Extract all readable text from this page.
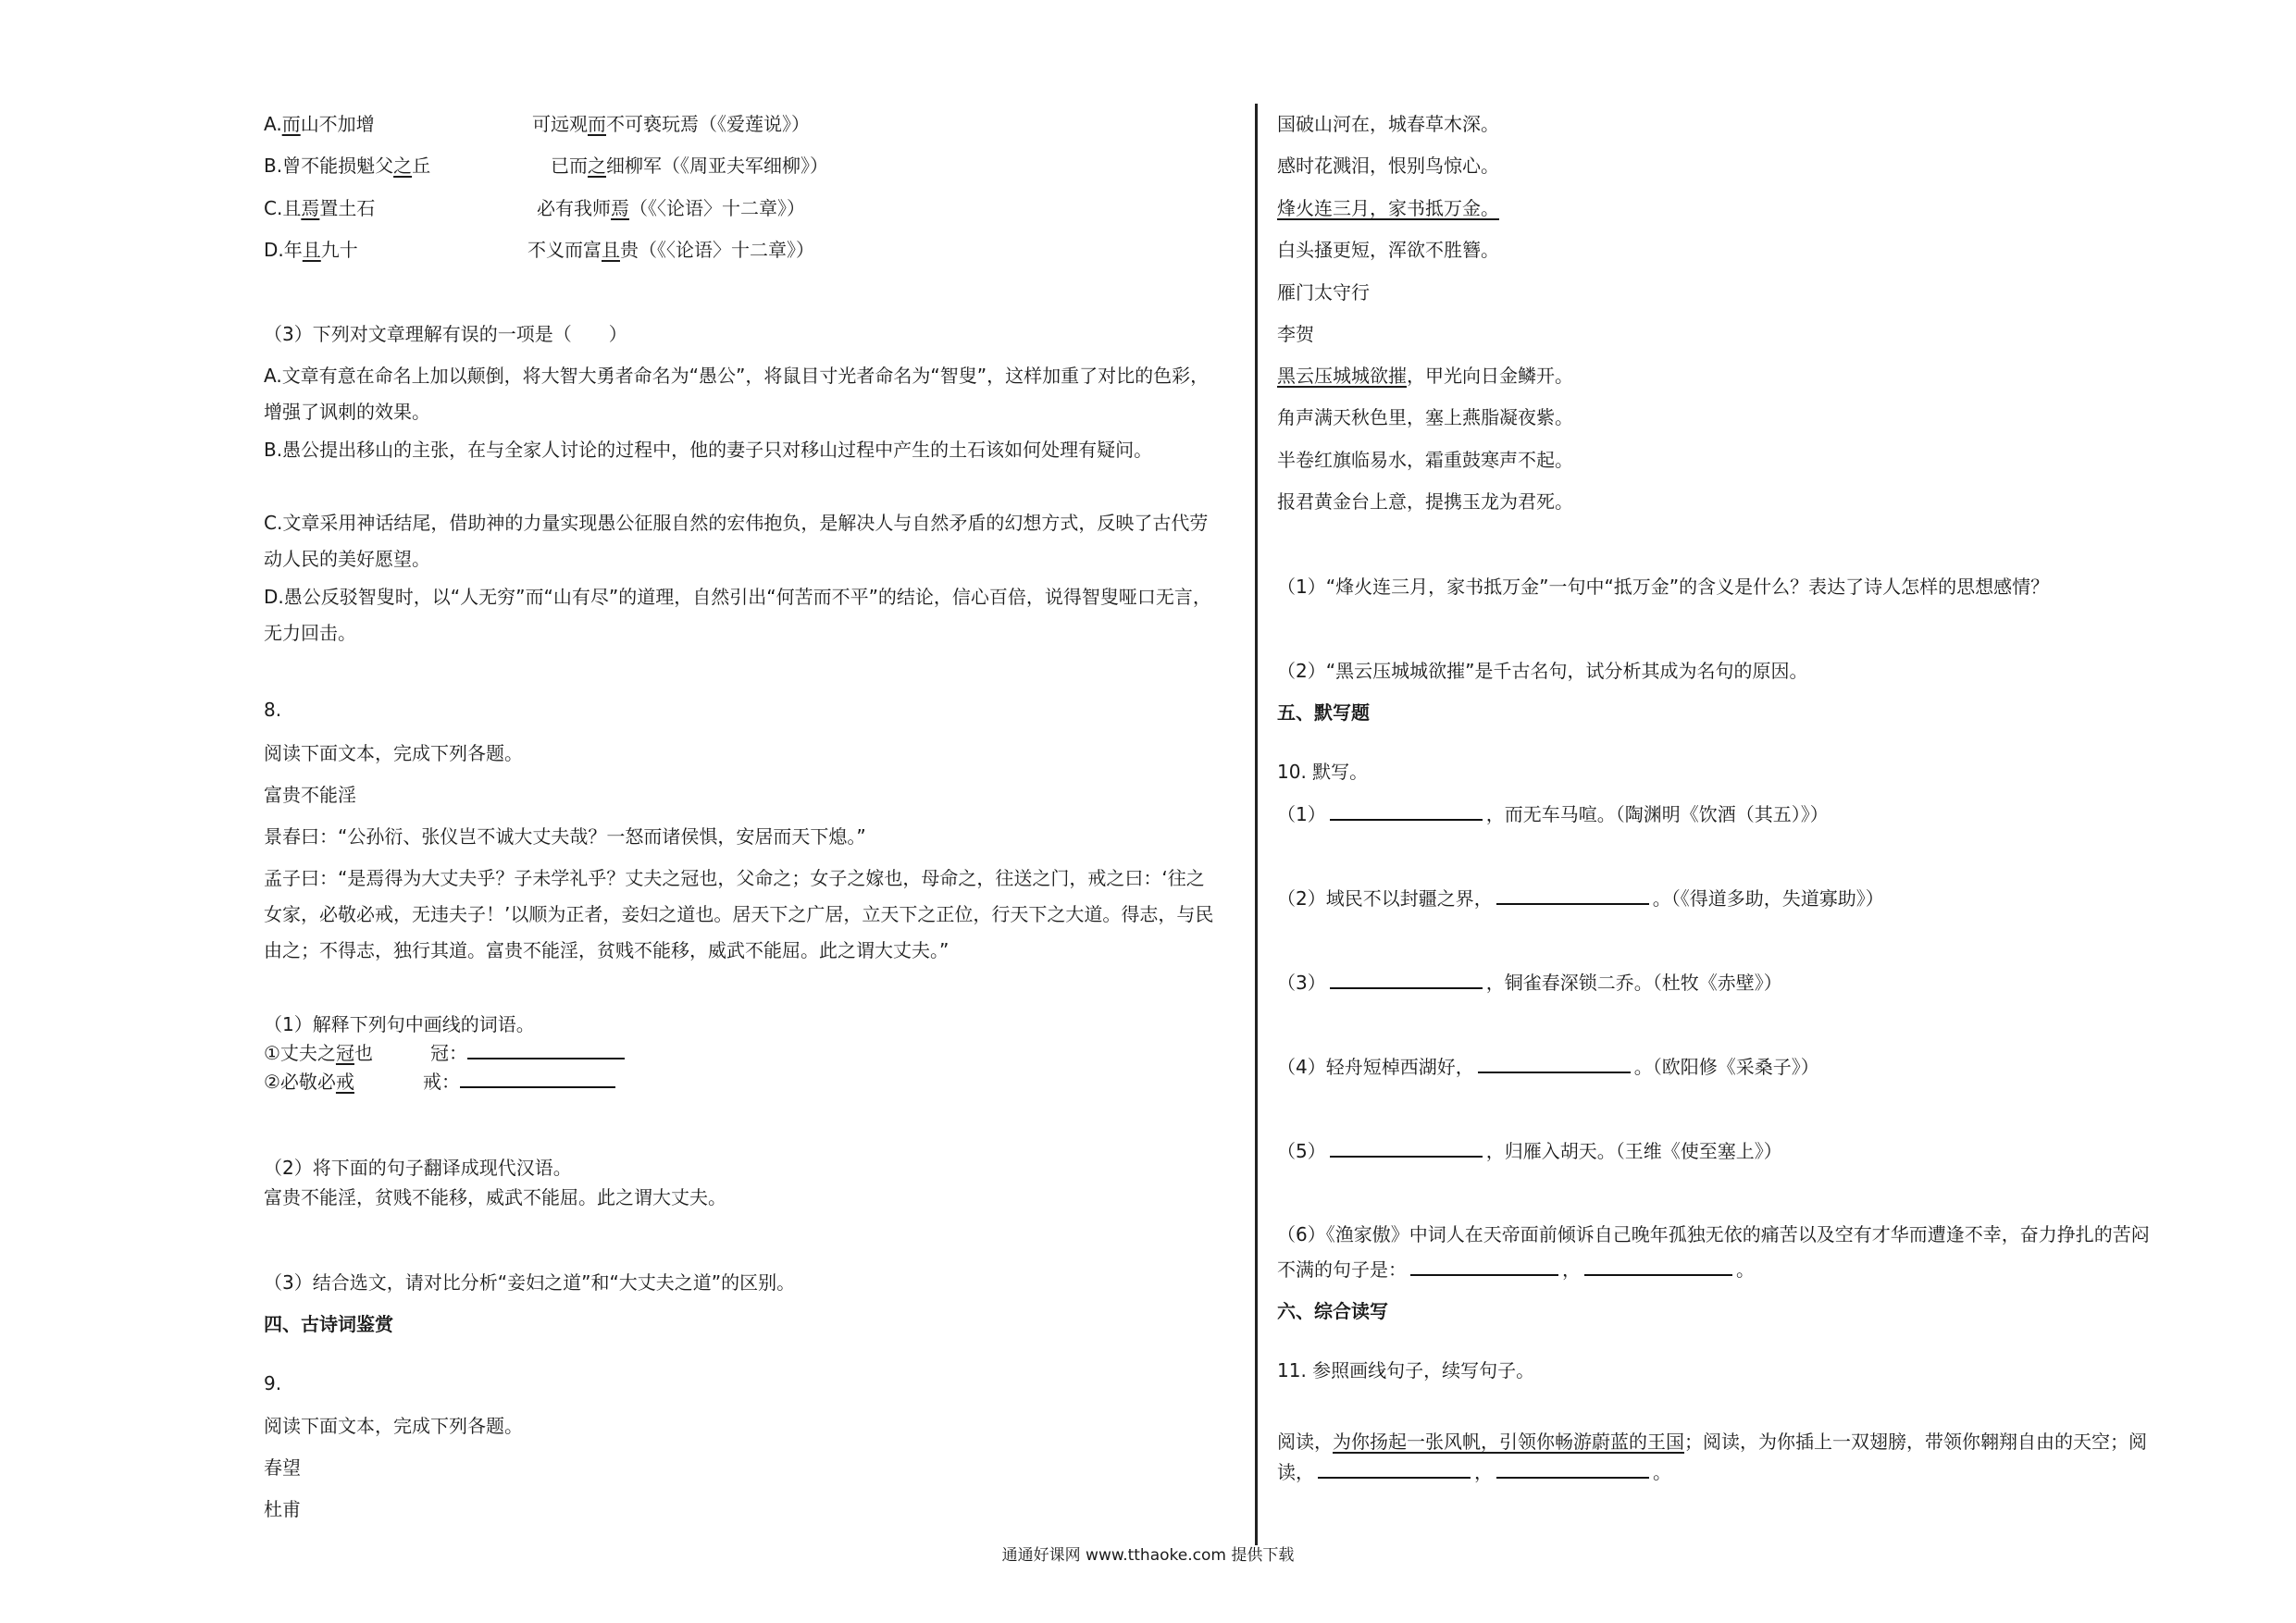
A.而山不加增	可远观而不可亵玩焉（《爱莲说》）
B.曾不能损魁父之丘	已而之细柳军（《周亚夫军细柳》）
C.且焉置土石	必有我师焉（《〈论语〉十二章》）
D.年且九十	不义而富且贵（《〈论语〉十二章》）
（3）下列对文章理解有误的一项是（　　）
A.文章有意在命名上加以颠倒，将大智大勇者命名为“愚公”，将鼠目寸光者命名为“智叟”，这样加重了对比的色彩，增强了讽刺的效果。
B.愚公提出移山的主张，在与全家人讨论的过程中，他的妻子只对移山过程中产生的土石该如何处理有疑问。
C.文章采用神话结尾，借助神的力量实现愚公征服自然的宏伟抱负，是解决人与自然矛盾的幻想方式，反映了古代劳动人民的美好愿望。
D.愚公反驳智叟时，以“人无穷”而“山有尽”的道理，自然引出“何苦而不平”的结论，信心百倍，说得智叟哑口无言，无力回击。
8.
阅读下面文本，完成下列各题。
富贵不能淫
景春曰：“公孙衍、张仪岂不诚大丈夫哉？一怒而诸侯惧，安居而天下熄。”
孟子曰：“是焉得为大丈夫乎？子未学礼乎？丈夫之冠也，父命之；女子之嫁也，母命之，往送之门，戒之曰：‘往之女家，必敬必戒，无违夫子！’以顺为正者，妾妇之道也。居天下之广居，立天下之正位，行天下之大道。得志，与民由之；不得志，独行其道。富贵不能淫，贫贱不能移，威武不能屈。此之谓大丈夫。”
（1）解释下列句中画线的词语。
①丈夫之冠也	冠：
②必敬必戒	戒：
（2）将下面的句子翻译成现代汉语。
富贵不能淫，贫贱不能移，威武不能屈。此之谓大丈夫。
（3）结合选文，请对比分析“妾妇之道”和“大丈夫之道”的区别。
四、古诗词鉴赏
9.
阅读下面文本，完成下列各题。
春望
杜甫
国破山河在，城春草木深。
感时花溅泪，恨别鸟惊心。
烽火连三月，家书抵万金。
白头搔更短，浑欲不胜簪。
雁门太守行
李贺
黑云压城城欲摧，甲光向日金鳞开。
角声满天秋色里，塞上燕脂凝夜紫。
半卷红旗临易水，霜重鼓寒声不起。
报君黄金台上意，提携玉龙为君死。
（1）“烽火连三月，家书抵万金”一句中“抵万金”的含义是什么？表达了诗人怎样的思想感情？
（2）“黑云压城城欲摧”是千古名句，试分析其成为名句的原因。
五、默写题
10. 默写。
（1）	，而无车马喧。（陶渊明《饮酒（其五）》）
（2）域民不以封疆之界，	。（《得道多助，失道寡助》）
（3）	，铜雀春深锁二乔。（杜牧《赤壁》）
（4）轻舟短棹西湖好，	。（欧阳修《采桑子》）
（5）	，归雁入胡天。（王维《使至塞上》）
（6）《渔家傲》中词人在天帝面前倾诉自己晚年孤独无依的痛苦以及空有才华而遭逢不幸，奋力挣扎的苦闷
不满的句子是：	，	。
六、综合读写
11. 参照画线句子，续写句子。
阅读，为你扬起一张风帆，引领你畅游蔚蓝的王国；阅读，为你插上一双翅膀，带领你翱翔自由的天空；阅
读，	，	。
通通好课网 www.tthaoke.com 提供下载
